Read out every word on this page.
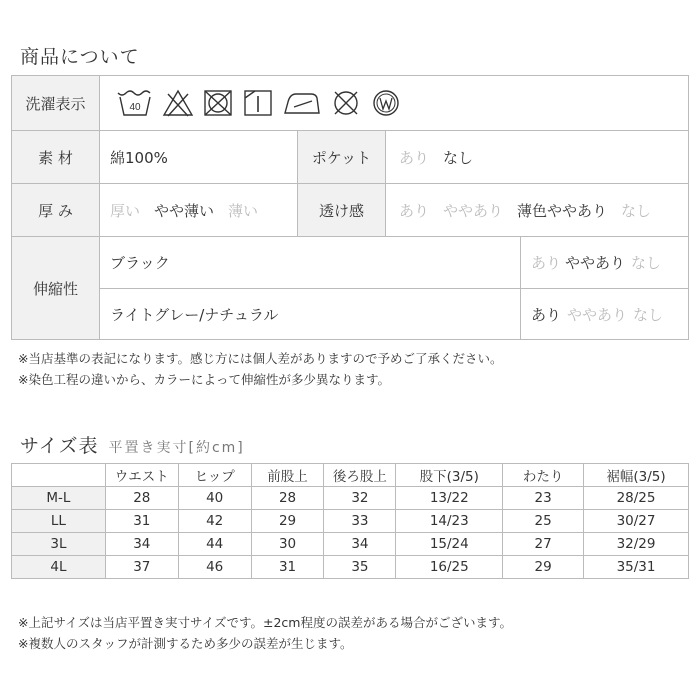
商品について
洗濯表示	40
素 材	綿100%	ポケット	あり なし
厚 み	厚い やや薄い 薄い	透け感	あり ややあり 薄色ややあり なし
伸縮性
ブラック	あり ややあり なし
ライトグレー/ナチュラル	あり ややあり なし
※当店基準の表記になります。感じ方には個人差がありますので予めご了承ください。
※染色工程の違いから、カラーによって伸縮性が多少異なります。
サイズ表 平置き実寸[約cm]
	ウエスト	ヒップ	前股上	後ろ股上	股下(3/5)	わたり	裾幅(3/5)
M-L	28	40	28	32	13/22	23	28/25
LL	31	42	29	33	14/23	25	30/27
3L	34	44	30	34	15/24	27	32/29
4L	37	46	31	35	16/25	29	35/31
※上記サイズは当店平置き実寸サイズです。±2cm程度の誤差がある場合がございます。
※複数人のスタッフが計測するため多少の誤差が生じます。
